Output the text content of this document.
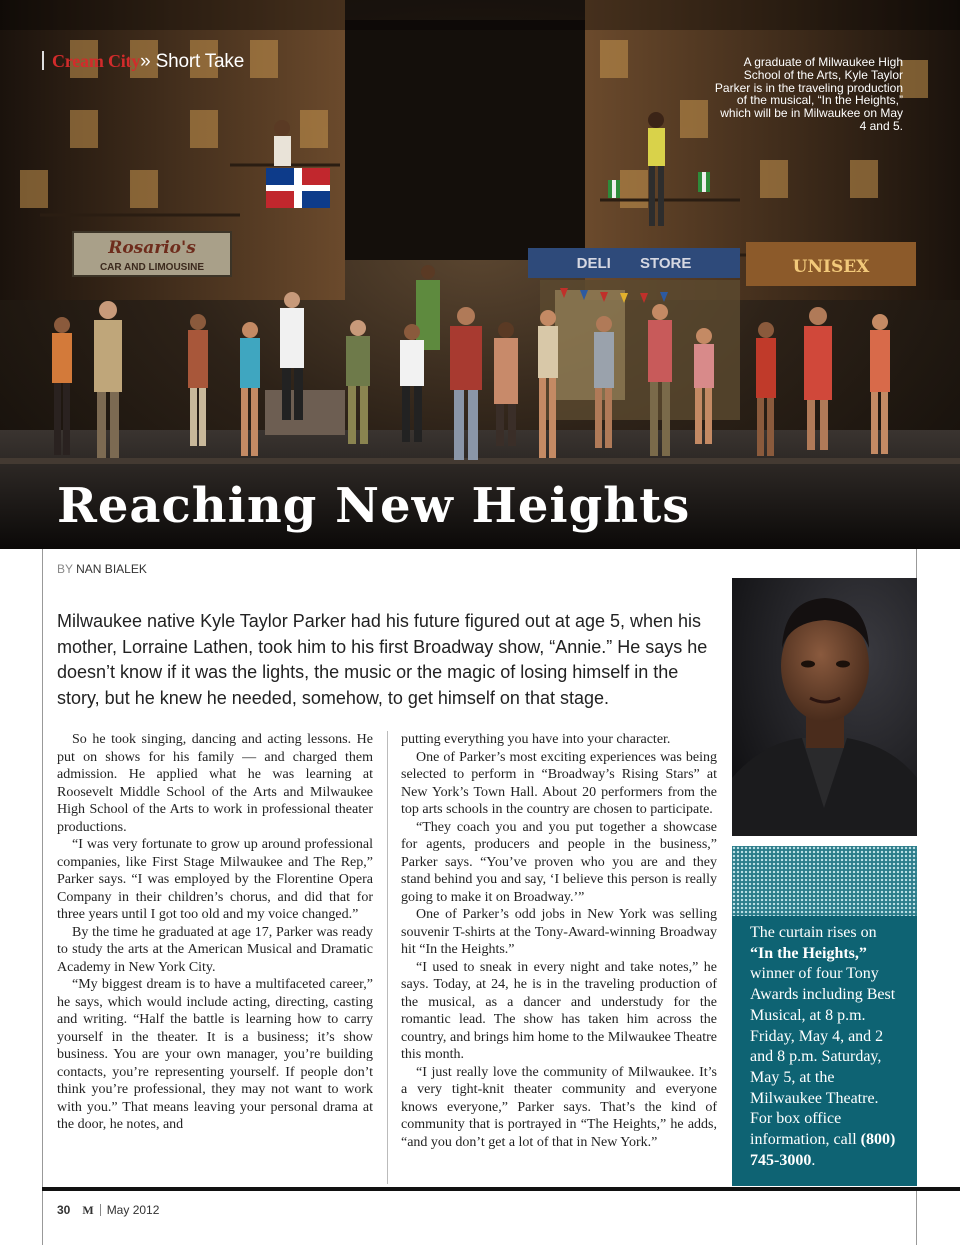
Rosario's
CAR AND LIMOUSINE	DELI       STORE	UNISEX
Cream City» Short Take	A graduate of Milwaukee High School of the Arts, Kyle Taylor Parker is in the traveling production of the musical, “In the Heights,” which will be in Milwaukee on May 4 and 5.
Reaching New Heights
BY NAN BIALEK

Milwaukee native Kyle Taylor Parker had his future figured out at age 5, when his mother, Lorraine Lathen, took him to his first Broadway show, “Annie.” He says he doesn’t know if it was the lights, the music or the magic of losing himself in the story, but he knew he needed, somehow, to get himself on that stage.

So he took singing, dancing and acting lessons. He put on shows for his family — and charged them admission. He applied what he was learning at Roosevelt Middle School of the Arts and Milwaukee High School of the Arts to work in professional theater productions.

“I was very fortunate to grow up around professional companies, like First Stage Milwaukee and The Rep,” Parker says. “I was employed by the Florentine Opera Company in their children’s chorus, and did that for three years until I got too old and my voice changed.”

By the time he graduated at age 17, Parker was ready to study the arts at the American Musical and Dramatic Academy in New York City.

“My biggest dream is to have a multifaceted career,” he says, which would include acting, directing, casting and writing. “Half the battle is learning how to carry yourself in the theater. It is a business; it’s show business. You are your own manager, you’re building contacts, you’re representing yourself. If people don’t think you’re professional, they may not want to work with you.” That means leaving your personal drama at the door, he notes, and

putting everything you have into your character.

One of Parker’s most exciting experiences was being selected to perform in “Broadway’s Rising Stars” at New York’s Town Hall. About 20 performers from the top arts schools in the country are chosen to participate.

“They coach you and you put together a showcase for agents, producers and people in the business,” Parker says. “You’ve proven who you are and they stand behind you and say, ‘I believe this person is really going to make it on Broadway.’”

One of Parker’s odd jobs in New York was selling souvenir T-shirts at the Tony-Award-winning Broadway hit “In the Heights.”

“I used to sneak in every night and take notes,” he says. Today, at 24, he is in the traveling production of the musical, as a dancer and understudy for the romantic lead. The show has taken him across the country, and brings him home to the Milwaukee Theatre this month.

“I just really love the community of Milwaukee. It’s a very tight-knit theater community and everyone knows everyone,” Parker says. That’s the kind of community that is portrayed in “The Heights,” he adds, “and you don’t get a lot of that in New York.”

The curtain rises on “In the Heights,” winner of four Tony Awards including Best Musical, at 8 p.m. Friday, May 4, and 2 and 8 p.m. Saturday, May 5, at the Milwaukee Theatre. For box office information, call (800) 745-3000.
30 M May 2012
